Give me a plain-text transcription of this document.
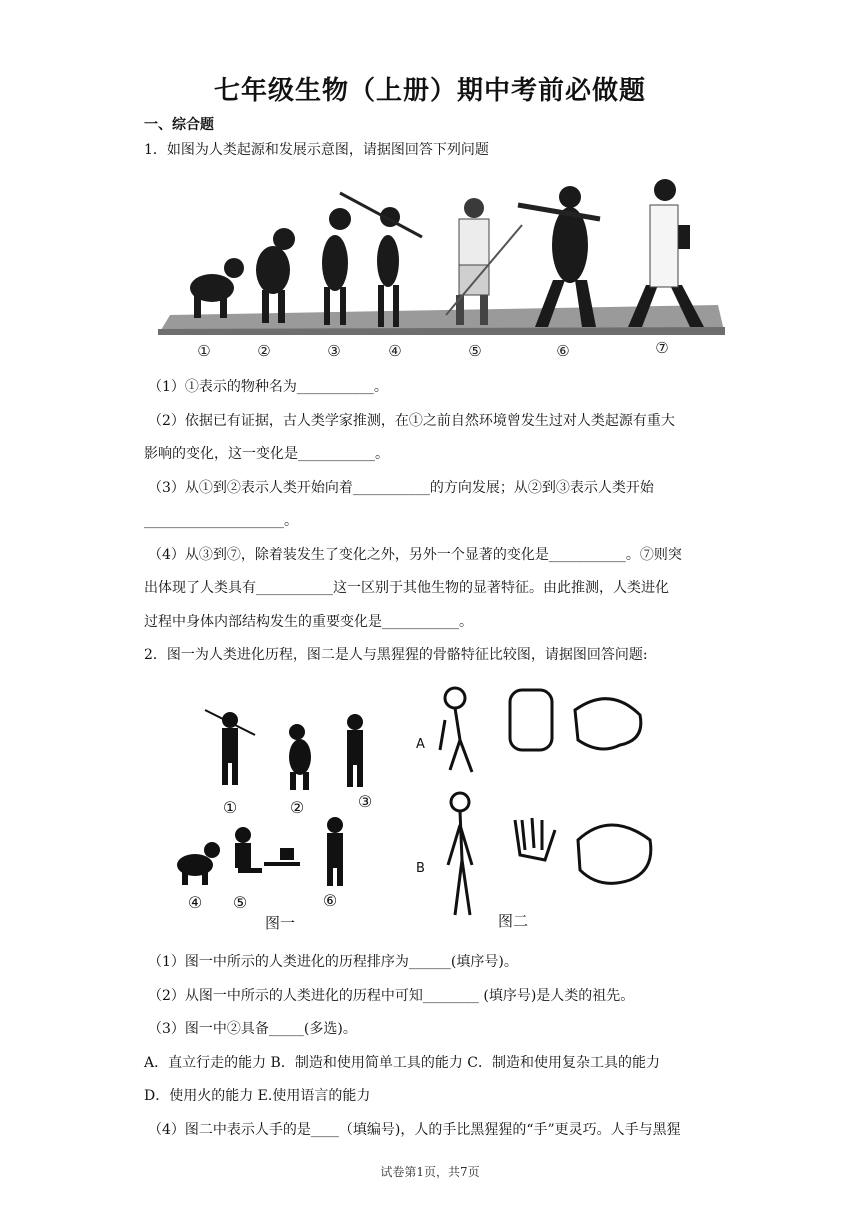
七年级生物（上册）期中考前必做题
一、综合题
1．如图为人类起源和发展示意图，请据图回答下列问题
①	②	③	④	⑤	⑥	⑦
（1）①表示的物种名为___________。
（2）依据已有证据，古人类学家推测，在①之前自然环境曾发生过对人类起源有重大
影响的变化，这一变化是___________。
（3）从①到②表示人类开始向着___________的方向发展；从②到③表示人类开始
____________________。
（4）从③到⑦，除着装发生了变化之外，另外一个显著的变化是___________。⑦则突
出体现了人类具有___________这一区别于其他生物的显著特征。由此推测，人类进化
过程中身体内部结构发生的重要变化是___________。
2．图一为人类进化历程，图二是人与黑猩猩的骨骼特征比较图，请据图回答问题:
①	②	③
④ ⑤	⑥
图一
A
B
图二
（1）图一中所示的人类进化的历程排序为______(填序号)。
（2）从图一中所示的人类进化的历程中可知________ (填序号)是人类的祖先。
（3）图一中②具备_____(多选)。
A．直立行走的能力 B．制造和使用简单工具的能力 C．制造和使用复杂工具的能力
D．使用火的能力 E.使用语言的能力
（4）图二中表示人手的是____（填编号)，人的手比黑猩猩的“手”更灵巧。人手与黑猩
试卷第1页，共7页
